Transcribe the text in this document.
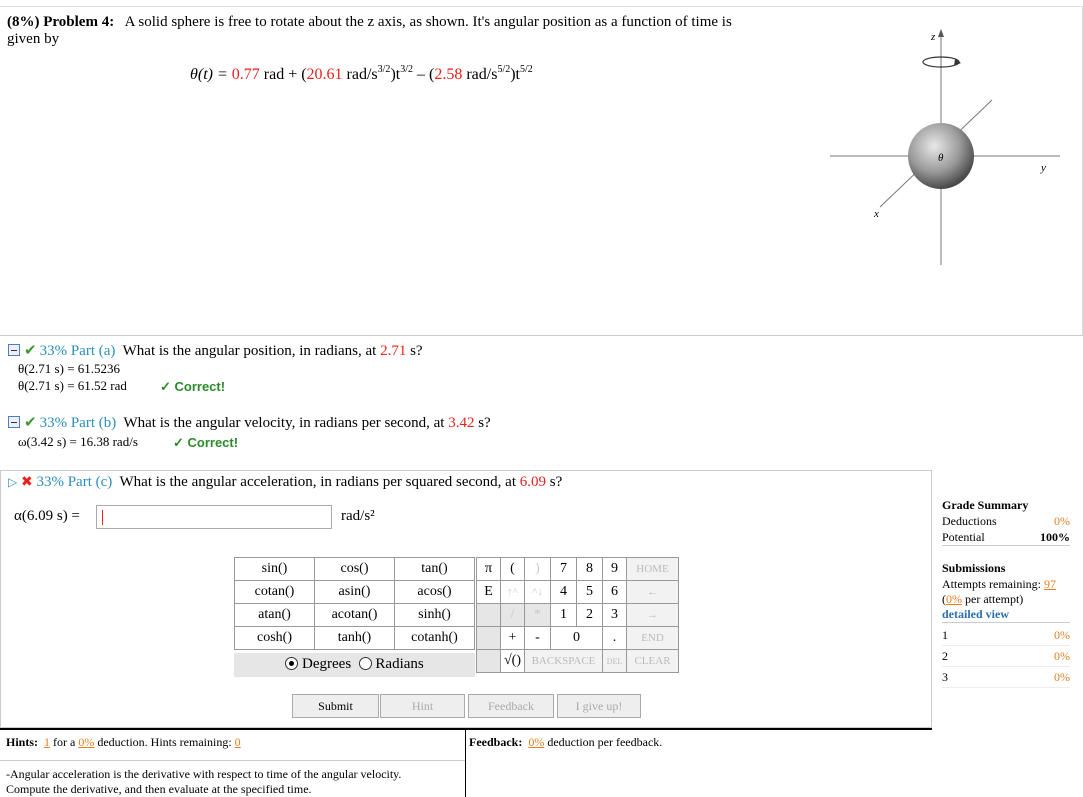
(8%) Problem 4: A solid sphere is free to rotate about the z axis, as shown. It's angular position as a function of time is
given by
θ(t) = 0.77 rad + (20.61 rad/$s^{3/2})t^{3/2} - (2.58$ rad/$s^{5/2})t^{5/2}$
z
y
x
θ
✔ 33% Part (a) What is the angular position, in radians, at 2.71 s?
θ(2.71 s) = 61.5236
θ(2.71 s) = 61.52 rad	✓ Correct!
✔ 33% Part (b) What is the angular velocity, in radians per second, at 3.42 s?
ω(3.42 s) = 16.38 rad/s	✓ Correct!
▷ ✖ 33% Part (c) What is the angular acceleration, in radians per squared second, at 6.09 s?
α(6.09 s) =	rad/s²
sin()	cos()	tan()
cotan()	asin()	acos()
atan()	acotan()	sinh()
cosh()	tanh()	cotanh()
Degrees Radians
π	(	)	7	8	9	HOME
E	↑^	^↓	4	5	6	←
	/	*	1	2	3	→
	+	-	0		.	END
	√()	BACKSPACE			DEL	CLEAR
Submit	Hint	Feedback	I give up!
Grade Summary
Deductions	0%
Potential	100%
Submissions
Attempts remaining: 97
(0% per attempt)
detailed view
1	0%
2	0%
3	0%
Hints: 1 for a 0% deduction. Hints remaining: 0
-Angular acceleration is the derivative with respect to time of the angular velocity.
Compute the derivative, and then evaluate at the specified time.
Feedback: 0% deduction per feedback.
